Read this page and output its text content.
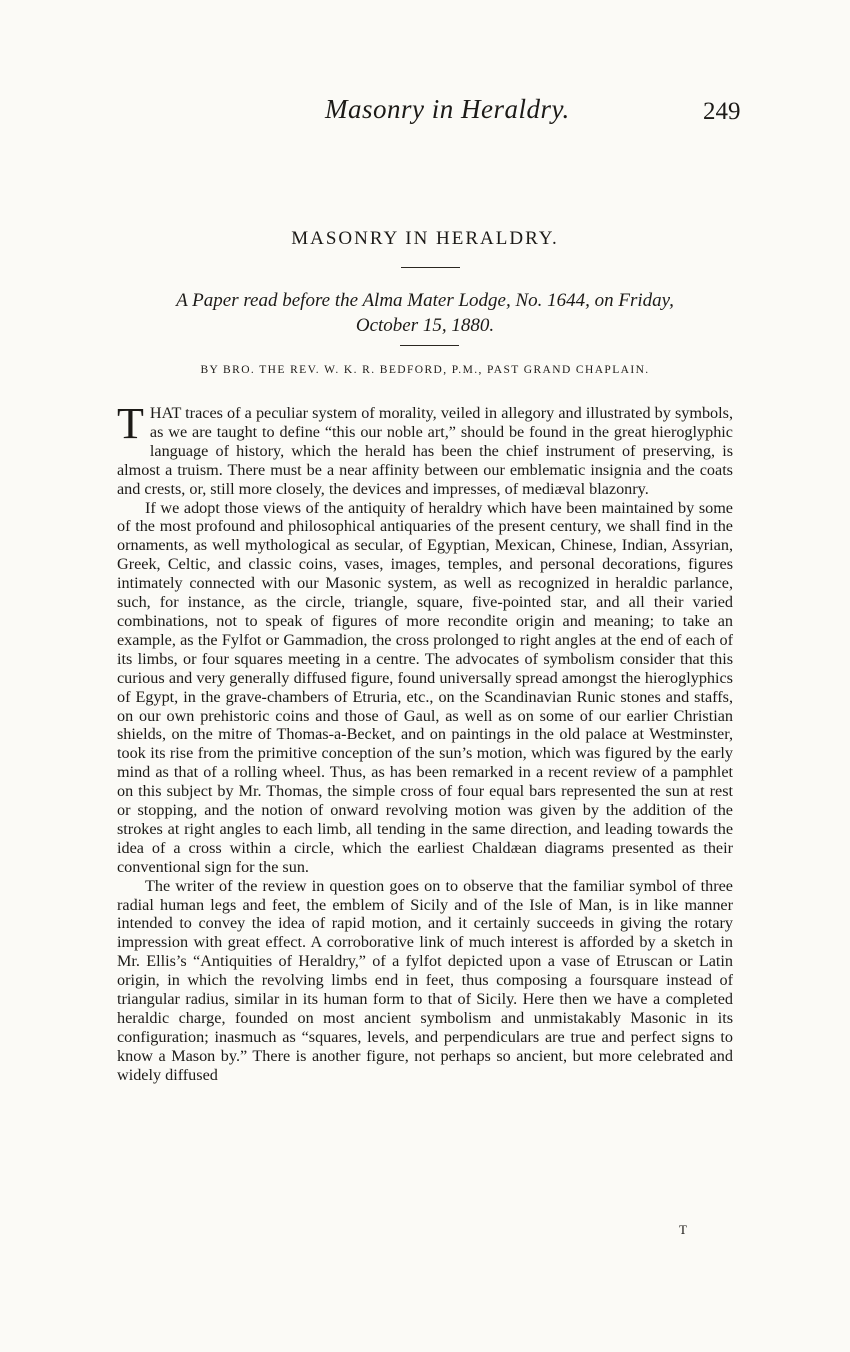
Masonry in Heraldry.	249
MASONRY IN HERALDRY.
A Paper read before the Alma Mater Lodge, No. 1644, on Friday,
October 15, 1880.
BY BRO. THE REV. W. K. R. BEDFORD, P.M., PAST GRAND CHAPLAIN.

THAT traces of a peculiar system of morality, veiled in allegory and illustrated by symbols, as we are taught to define “this our noble art,” should be found in the great hieroglyphic language of history, which the herald has been the chief instrument of preserving, is almost a truism. There must be a near affinity between our emblematic insignia and the coats and crests, or, still more closely, the devices and impresses, of mediæval blazonry.

If we adopt those views of the antiquity of heraldry which have been maintained by some of the most profound and philosophical antiquaries of the present century, we shall find in the ornaments, as well mythological as secular, of Egyptian, Mexican, Chinese, Indian, Assyrian, Greek, Celtic, and classic coins, vases, images, temples, and personal decorations, figures intimately connected with our Masonic system, as well as recognized in heraldic parlance, such, for instance, as the circle, triangle, square, five-pointed star, and all their varied combinations, not to speak of figures of more recondite origin and meaning; to take an example, as the Fylfot or Gammadion, the cross prolonged to right angles at the end of each of its limbs, or four squares meeting in a centre. The advocates of symbolism consider that this curious and very generally diffused figure, found universally spread amongst the hieroglyphics of Egypt, in the grave-chambers of Etruria, etc., on the Scandinavian Runic stones and staffs, on our own prehistoric coins and those of Gaul, as well as on some of our earlier Christian shields, on the mitre of Thomas-a-Becket, and on paintings in the old palace at Westminster, took its rise from the primitive conception of the sun’s motion, which was figured by the early mind as that of a rolling wheel. Thus, as has been remarked in a recent review of a pamphlet on this subject by Mr. Thomas, the simple cross of four equal bars represented the sun at rest or stopping, and the notion of onward revolving motion was given by the addition of the strokes at right angles to each limb, all tending in the same direction, and leading towards the idea of a cross within a circle, which the earliest Chaldæan diagrams presented as their conventional sign for the sun.

The writer of the review in question goes on to observe that the familiar symbol of three radial human legs and feet, the emblem of Sicily and of the Isle of Man, is in like manner intended to convey the idea of rapid motion, and it certainly succeeds in giving the rotary impression with great effect. A corroborative link of much interest is afforded by a sketch in Mr. Ellis’s “Antiquities of Heraldry,” of a fylfot depicted upon a vase of Etruscan or Latin origin, in which the revolving limbs end in feet, thus composing a foursquare instead of triangular radius, similar in its human form to that of Sicily. Here then we have a completed heraldic charge, founded on most ancient symbolism and unmistakably Masonic in its configuration; inasmuch as “squares, levels, and perpendiculars are true and perfect signs to know a Mason by.” There is another figure, not perhaps so ancient, but more celebrated and widely diffused

T
